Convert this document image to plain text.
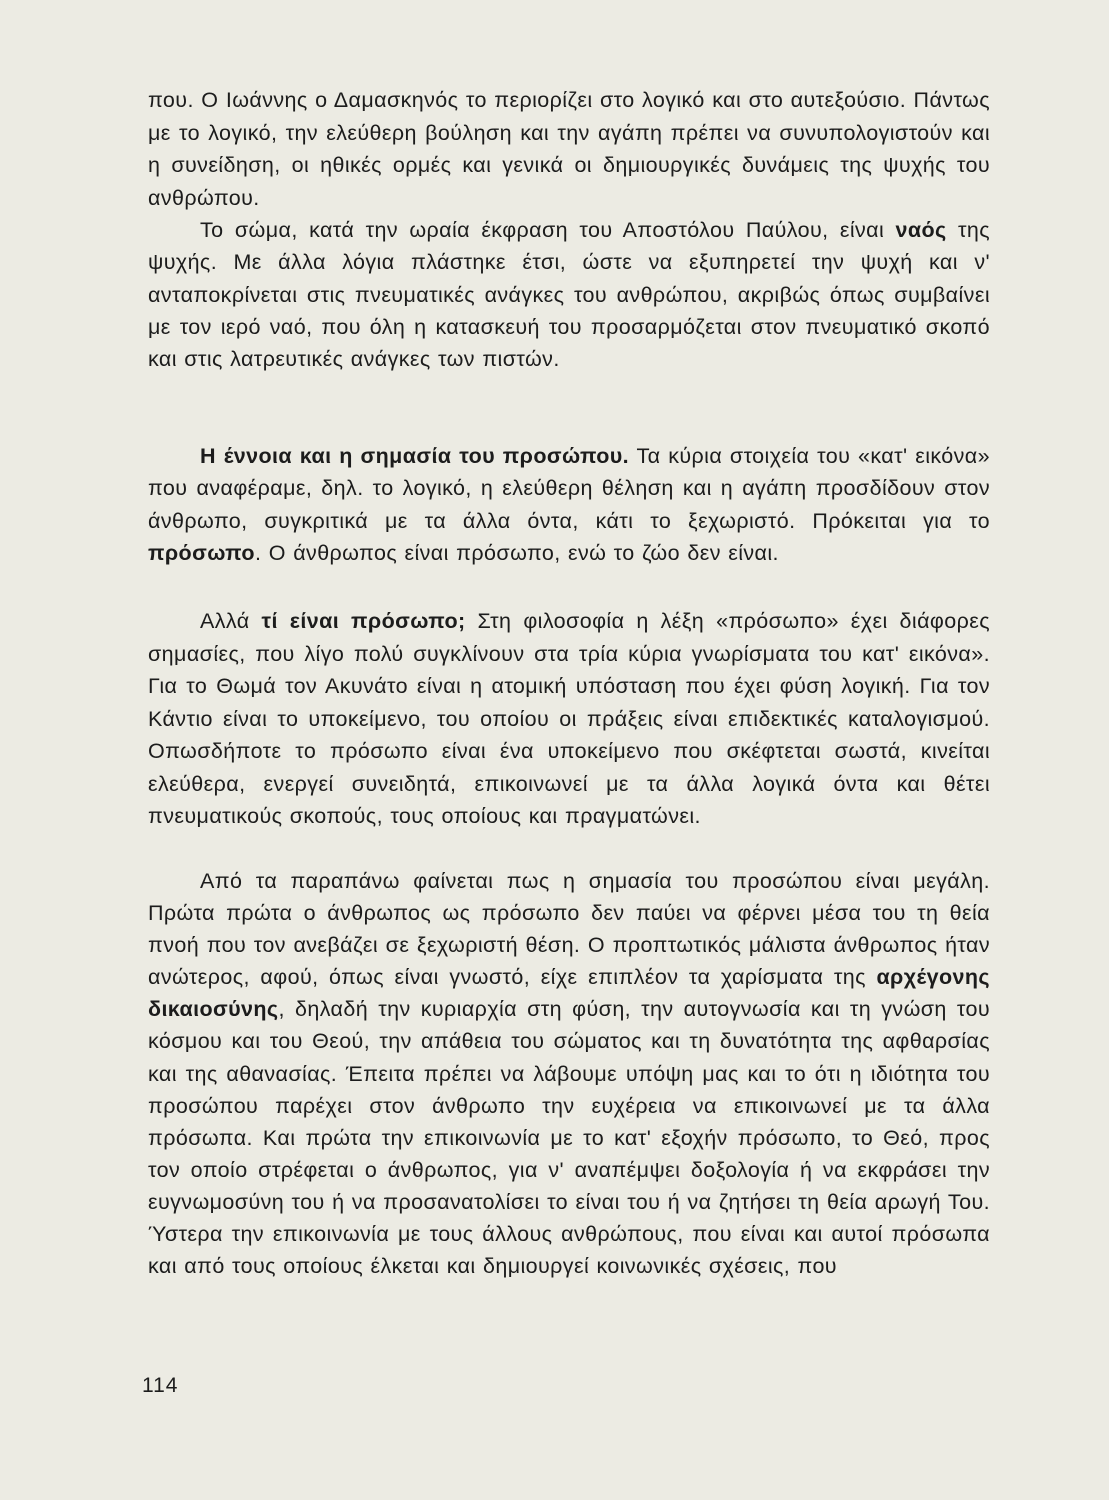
που. Ο Ιωάννης ο Δαμασκηνός το περιορίζει στο λογικό και στο αυτεξούσιο. Πάντως με το λογικό, την ελεύθερη βούληση και την αγάπη πρέπει να συνυπολογιστούν και η συνείδηση, οι ηθικές ορμές και γενικά οι δημιουργικές δυνάμεις της ψυχής του ανθρώπου.

Το σώμα, κατά την ωραία έκφραση του Αποστόλου Παύλου, είναι ναός της ψυχής. Με άλλα λόγια πλάστηκε έτσι, ώστε να εξυπηρετεί την ψυχή και ν' ανταποκρίνεται στις πνευματικές ανάγκες του ανθρώπου, ακριβώς όπως συμβαίνει με τον ιερό ναό, που όλη η κατασκευή του προσαρμόζεται στον πνευματικό σκοπό και στις λατρευτικές ανάγκες των πιστών.

Η έννοια και η σημασία του προσώπου. Τα κύρια στοιχεία του «κατ' εικόνα» που αναφέραμε, δηλ. το λογικό, η ελεύθερη θέληση και η αγάπη προσδίδουν στον άνθρωπο, συγκριτικά με τα άλλα όντα, κάτι το ξεχωριστό. Πρόκειται για το πρόσωπο. Ο άνθρωπος είναι πρόσωπο, ενώ το ζώο δεν είναι.

Αλλά τί είναι πρόσωπο; Στη φιλοσοφία η λέξη «πρόσωπο» έχει διάφορες σημασίες, που λίγο πολύ συγκλίνουν στα τρία κύρια γνωρίσματα του κατ' εικόνα». Για το Θωμά τον Ακυνάτο είναι η ατομική υπόσταση που έχει φύση λογική. Για τον Κάντιο είναι το υποκείμενο, του οποίου οι πράξεις είναι επιδεκτικές καταλογισμού. Οπωσδήποτε το πρόσωπο είναι ένα υποκείμενο που σκέφτεται σωστά, κινείται ελεύθερα, ενεργεί συνειδητά, επικοινωνεί με τα άλλα λογικά όντα και θέτει πνευματικούς σκοπούς, τους οποίους και πραγματώνει.

Από τα παραπάνω φαίνεται πως η σημασία του προσώπου είναι μεγάλη. Πρώτα πρώτα ο άνθρωπος ως πρόσωπο δεν παύει να φέρνει μέσα του τη θεία πνοή που τον ανεβάζει σε ξεχωριστή θέση. Ο προπτωτικός μάλιστα άνθρωπος ήταν ανώτερος, αφού, όπως είναι γνωστό, είχε επιπλέον τα χαρίσματα της αρχέγονης δικαιοσύνης, δηλαδή την κυριαρχία στη φύση, την αυτογνωσία και τη γνώση του κόσμου και του Θεού, την απάθεια του σώματος και τη δυνατότητα της αφθαρσίας και της αθανασίας. Έπειτα πρέπει να λάβουμε υπόψη μας και το ότι η ιδιότητα του προσώπου παρέχει στον άνθρωπο την ευχέρεια να επικοινωνεί με τα άλλα πρόσωπα. Και πρώτα την επικοινωνία με το κατ' εξοχήν πρόσωπο, το Θεό, προς τον οποίο στρέφεται ο άνθρωπος, για ν' αναπέμψει δοξολογία ή να εκφράσει την ευγνωμοσύνη του ή να προσανατολίσει το είναι του ή να ζητήσει τη θεία αρωγή Του. Ύστερα την επικοινωνία με τους άλλους ανθρώπους, που είναι και αυτοί πρόσωπα και από τους οποίους έλκεται και δημιουργεί κοινωνικές σχέσεις, που

114
